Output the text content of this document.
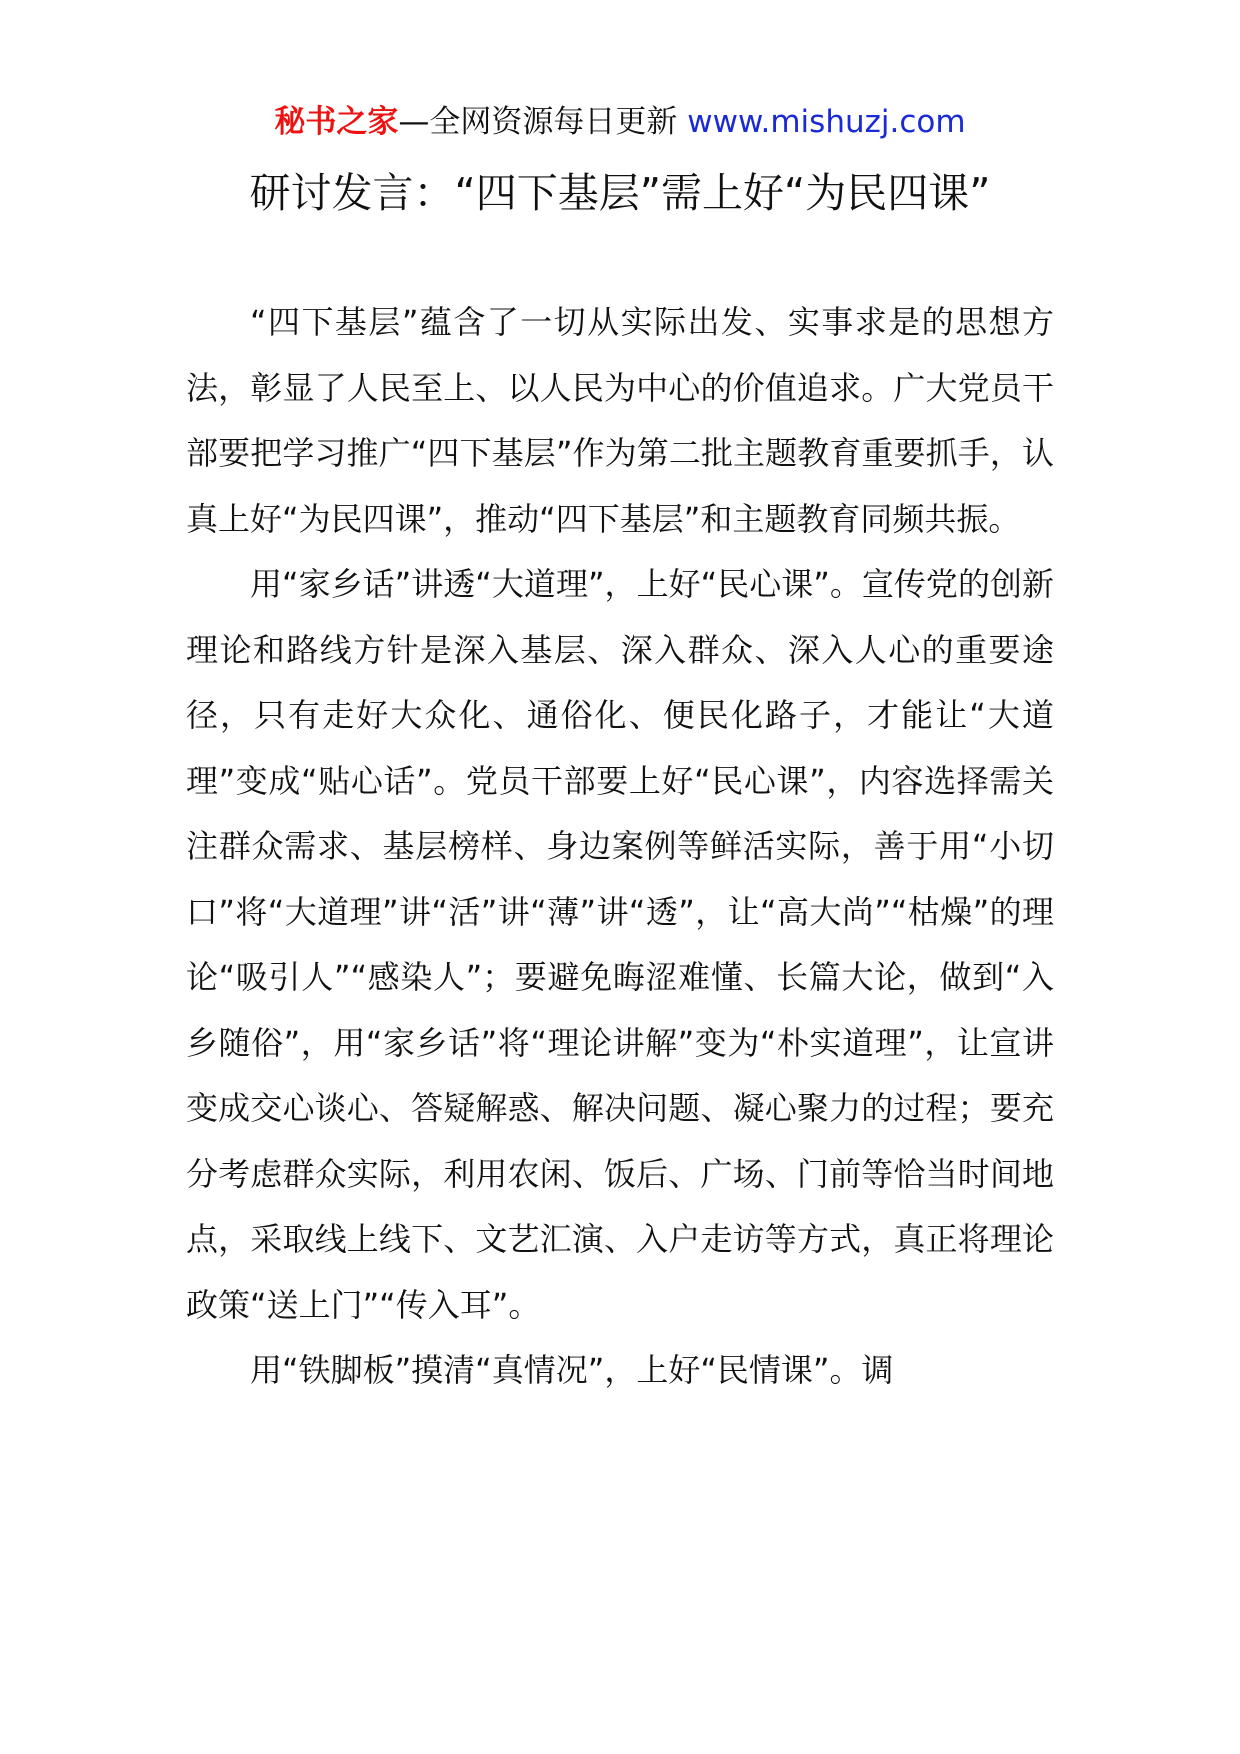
秘书之家—全网资源每日更新 www.mishuzj.com
研讨发言：“四下基层”需上好“为民四课”

“四下基层”蕴含了一切从实际出发、实事求是的思想方法，彰显了人民至上、以人民为中心的价值追求。广大党员干部要把学习推广“四下基层”作为第二批主题教育重要抓手，认真上好“为民四课”，推动“四下基层”和主题教育同频共振。

用“家乡话”讲透“大道理”，上好“民心课”。宣传党的创新理论和路线方针是深入基层、深入群众、深入人心的重要途径，只有走好大众化、通俗化、便民化路子，才能让“大道理”变成“贴心话”。党员干部要上好“民心课”，内容选择需关注群众需求、基层榜样、身边案例等鲜活实际，善于用“小切口”将“大道理”讲“活”讲“薄”讲“透”，让“高大尚”“枯燥”的理论“吸引人”“感染人”；要避免晦涩难懂、长篇大论，做到“入乡随俗”，用“家乡话”将“理论讲解”变为“朴实道理”，让宣讲变成交心谈心、答疑解惑、解决问题、凝心聚力的过程；要充分考虑群众实际，利用农闲、饭后、广场、门前等恰当时间地点，采取线上线下、文艺汇演、入户走访等方式，真正将理论政策“送上门”“传入耳”。

用“铁脚板”摸清“真情况”，上好“民情课”。调
